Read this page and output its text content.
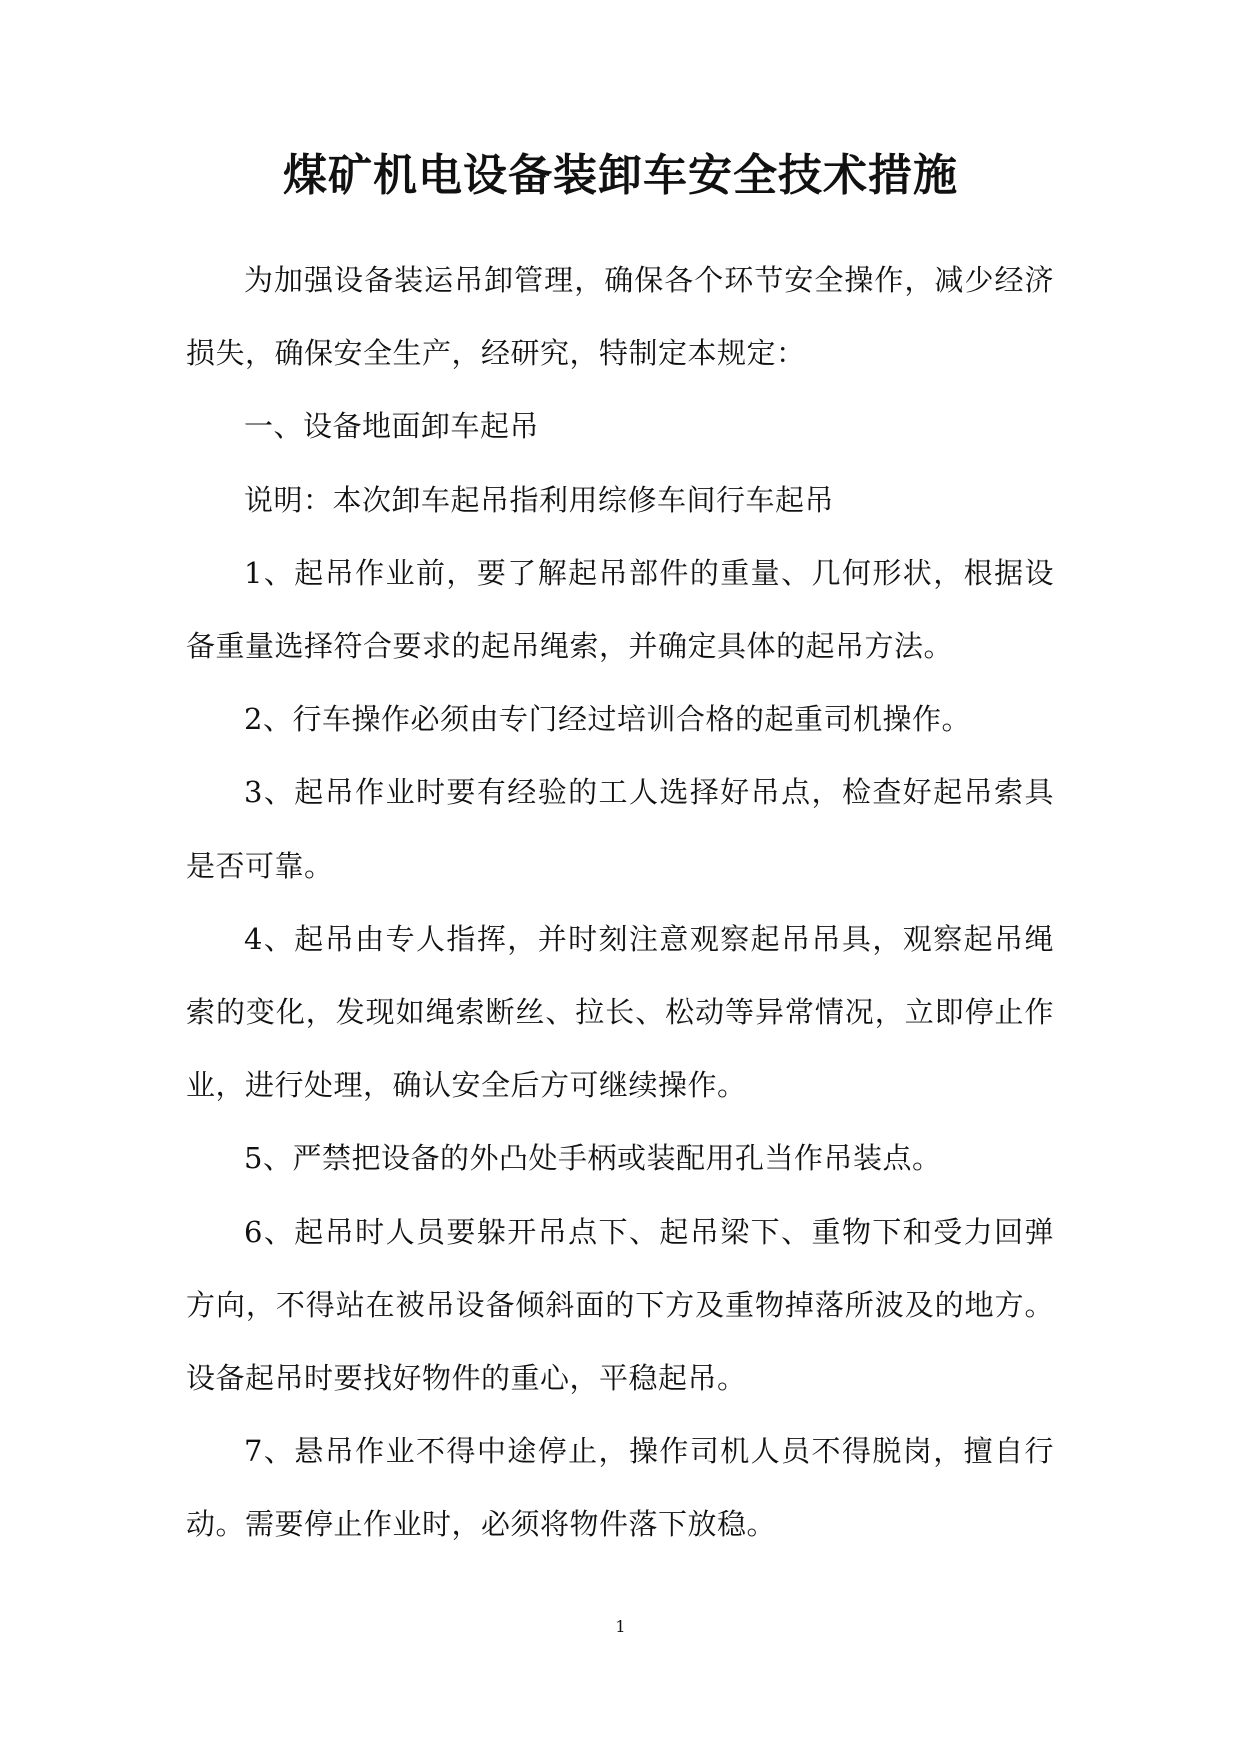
煤矿机电设备装卸车安全技术措施

为加强设备装运吊卸管理，确保各个环节安全操作，减少经济损失，确保安全生产，经研究，特制定本规定：

一、设备地面卸车起吊

说明：本次卸车起吊指利用综修车间行车起吊

1、起吊作业前，要了解起吊部件的重量、几何形状，根据设备重量选择符合要求的起吊绳索，并确定具体的起吊方法。

2、行车操作必须由专门经过培训合格的起重司机操作。

3、起吊作业时要有经验的工人选择好吊点，检查好起吊索具是否可靠。

4、起吊由专人指挥，并时刻注意观察起吊吊具，观察起吊绳索的变化，发现如绳索断丝、拉长、松动等异常情况，立即停止作业，进行处理，确认安全后方可继续操作。

5、严禁把设备的外凸处手柄或装配用孔当作吊装点。

6、起吊时人员要躲开吊点下、起吊梁下、重物下和受力回弹方向，不得站在被吊设备倾斜面的下方及重物掉落所波及的地方。设备起吊时要找好物件的重心，平稳起吊。

7、悬吊作业不得中途停止，操作司机人员不得脱岗，擅自行动。需要停止作业时，必须将物件落下放稳。

1
